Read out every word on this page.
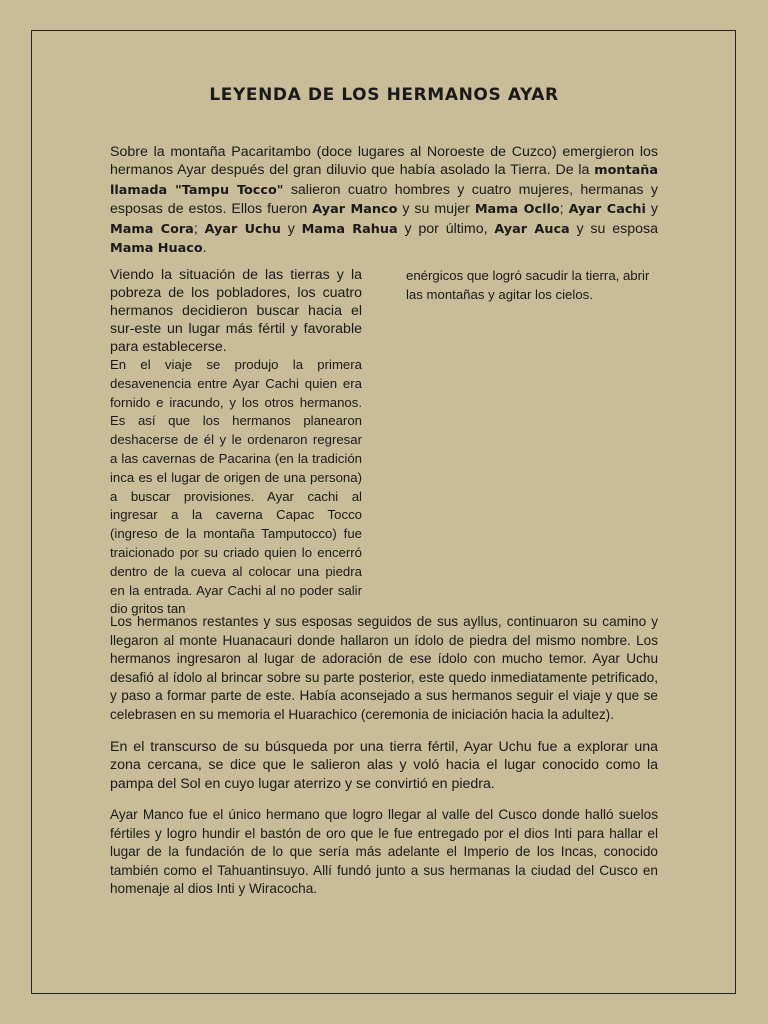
LEYENDA DE LOS HERMANOS AYAR

Sobre la montaña Pacaritambo (doce lugares al Noroeste de Cuzco) emergieron los hermanos Ayar después del gran diluvio que había asolado la Tierra. De la montaña llamada "Tampu Tocco" salieron cuatro hombres y cuatro mujeres, hermanas y esposas de estos. Ellos fueron Ayar Manco y su mujer Mama Ocllo; Ayar Cachi y Mama Cora; Ayar Uchu y Mama Rahua y por último, Ayar Auca y su esposa Mama Huaco.

Viendo la situación de las tierras y la pobreza de los pobladores, los cuatro hermanos decidieron buscar hacia el sur-este un lugar más fértil y favorable para establecerse.
En el viaje se produjo la primera desavenencia entre Ayar Cachi quien era fornido e iracundo, y los otros hermanos. Es así que los hermanos planearon deshacerse de él y le ordenaron regresar a las cavernas de Pacarina (en la tradición inca es el lugar de origen de una persona) a buscar provisiones. Ayar cachi al ingresar a la caverna Capac Tocco (ingreso de la montaña Tamputocco) fue traicionado por su criado quien lo encerró dentro de la cueva al colocar una piedra en la entrada. Ayar Cachi al no poder salir dio gritos tan
enérgicos que logró sacudir la tierra, abrir las montañas y agitar los cielos.

Los hermanos restantes y sus esposas seguidos de sus ayllus, continuaron su camino y llegaron al monte Huanacauri donde hallaron un ídolo de piedra del mismo nombre. Los hermanos ingresaron al lugar de adoración de ese ídolo con mucho temor. Ayar Uchu desafió al ídolo al brincar sobre su parte posterior, este quedo inmediatamente petrificado, y paso a formar parte de este. Había aconsejado a sus hermanos seguir el viaje y que se celebrasen en su memoria el Huarachico (ceremonia de iniciación hacia la adultez).

En el transcurso de su búsqueda por una tierra fértil, Ayar Uchu fue a explorar una zona cercana, se dice que le salieron alas y voló hacia el lugar conocido como la pampa del Sol en cuyo lugar aterrizo y se convirtió en piedra.

Ayar Manco fue el único hermano que logro llegar al valle del Cusco donde halló suelos fértiles y logro hundir el bastón de oro que le fue entregado por el dios Inti para hallar el lugar de la fundación de lo que sería más adelante el Imperio de los Incas, conocido también como el Tahuantinsuyo. Allí fundó junto a sus hermanas la ciudad del Cusco en homenaje al dios Inti y Wiracocha.
